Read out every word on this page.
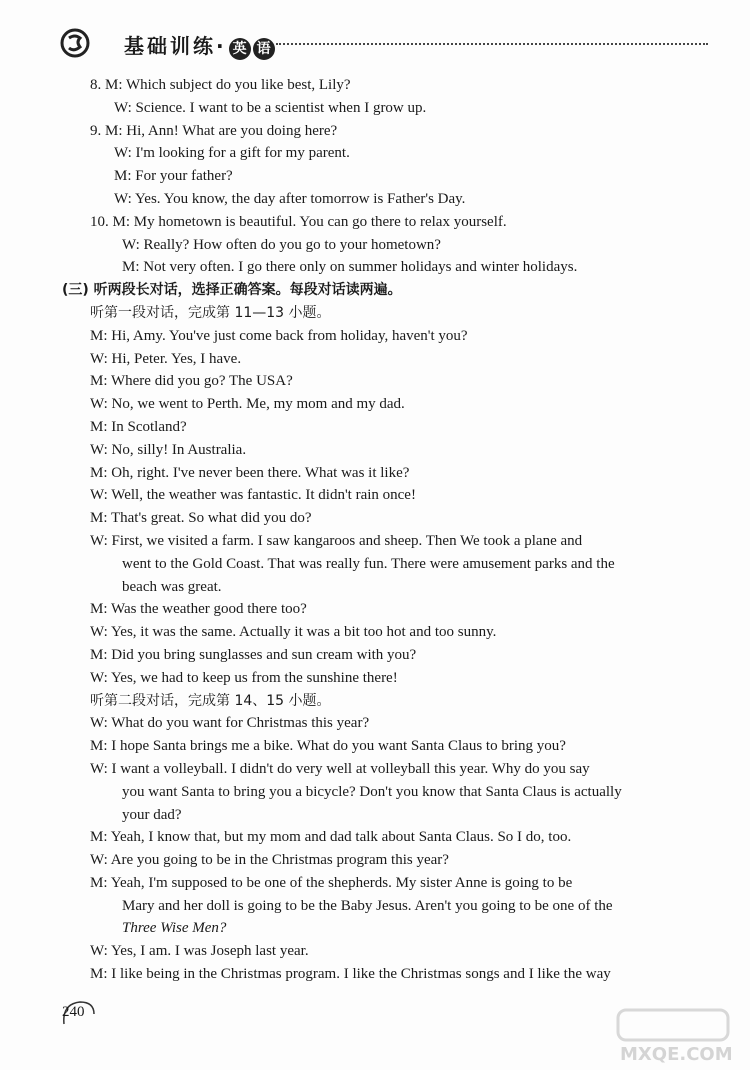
基础训练· 英 语
8. M: Which subject do you like best, Lily?
W: Science. I want to be a scientist when I grow up.
9. M: Hi, Ann! What are you doing here?
W: I'm looking for a gift for my parent.
M: For your father?
W: Yes. You know, the day after tomorrow is Father's Day.
10. M: My hometown is beautiful. You can go there to relax yourself.
W: Really? How often do you go to your hometown?
M: Not very often. I go there only on summer holidays and winter holidays.
(三) 听两段长对话，选择正确答案。每段对话读两遍。
听第一段对话，完成第 11—13 小题。
M: Hi, Amy. You've just come back from holiday, haven't you?
W: Hi, Peter. Yes, I have.
M: Where did you go? The USA?
W: No, we went to Perth. Me, my mom and my dad.
M: In Scotland?
W: No, silly! In Australia.
M: Oh, right. I've never been there. What was it like?
W: Well, the weather was fantastic. It didn't rain once!
M: That's great. So what did you do?
W: First, we visited a farm. I saw kangaroos and sheep. Then We took a plane and
went to the Gold Coast. That was really fun. There were amusement parks and the
beach was great.
M: Was the weather good there too?
W: Yes, it was the same. Actually it was a bit too hot and too sunny.
M: Did you bring sunglasses and sun cream with you?
W: Yes, we had to keep us from the sunshine there!
听第二段对话，完成第 14、15 小题。
W: What do you want for Christmas this year?
M: I hope Santa brings me a bike. What do you want Santa Claus to bring you?
W: I want a volleyball. I didn't do very well at volleyball this year. Why do you say
you want Santa to bring you a bicycle? Don't you know that Santa Claus is actually
your dad?
M: Yeah, I know that, but my mom and dad talk about Santa Claus. So I do, too.
W: Are you going to be in the Christmas program this year?
M: Yeah, I'm supposed to be one of the shepherds. My sister Anne is going to be
Mary and her doll is going to be the Baby Jesus. Aren't you going to be one of the
Three Wise Men?
W: Yes, I am. I was Joseph last year.
M: I like being in the Christmas program. I like the Christmas songs and I like the way
240
MXQE.COM
